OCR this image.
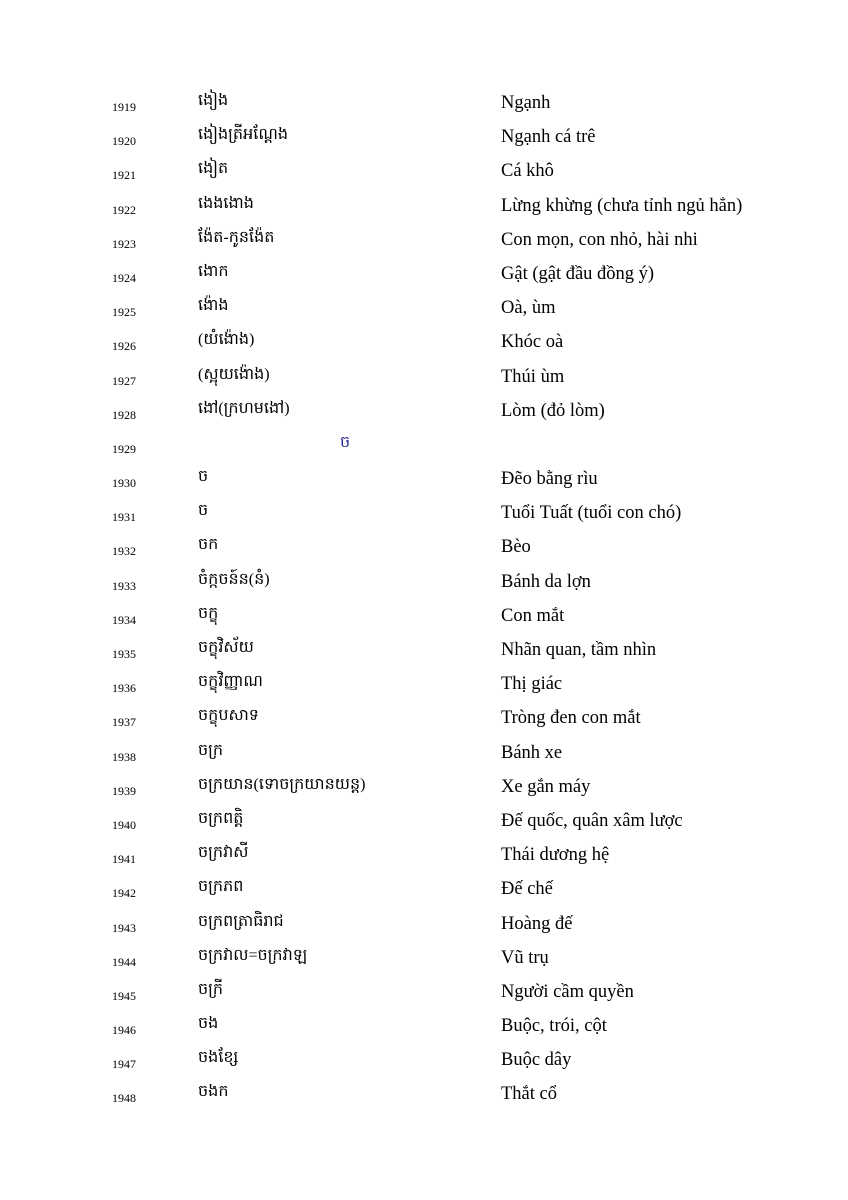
1919	ងៀង	Ngạnh
1920	ងៀងត្រីអណ្ដែង	Ngạnh cá trê
1921	ងៀត	Cá khô
1922	ងេងងោង	Lừng khừng (chưa tỉnh ngủ hẳn)
1923	ង៉ែត-កូនង៉ែត	Con mọn, con nhỏ, hài nhi
1924	ងោក	Gật (gật đầu đồng ý)
1925	ង៉ោង	Oà, ùm
1926	(យំង៉ោង)	Khóc oà
1927	(ស្អុយង៉ោង)	Thúi ùm
1928	ងៅ(ក្រហមងៅ)	Lòm (đỏ lòm)
1929	ច
1930	ច	Đẽo bằng rìu
1931	ច	Tuổi Tuất (tuổi con chó)
1932	ចក	Bèo
1933	ចំក្កចន៍ន(នំ)	Bánh da lợn
1934	ចក្ខុ	Con mắt
1935	ចក្ខុវិស័យ	Nhãn quan, tầm nhìn
1936	ចក្ខុវិញ្ញាណ	Thị giác
1937	ចក្ខុបសាទ	Tròng đen con mắt
1938	ចក្រ	Bánh xe
1939	ចក្រយាន(ទោចក្រយានយន្ត)	Xe gắn máy
1940	ចក្រពត្តិ	Đế quốc, quân xâm lược
1941	ចក្រវាសី	Thái dương hệ
1942	ចក្រភព	Đế chế
1943	ចក្រពត្រាធិរាជ	Hoàng đế
1944	ចក្រវាល=ចក្រវាឡ	Vũ trụ
1945	ចក្រី	Người cầm quyền
1946	ចង	Buộc, trói, cột
1947	ចងខ្សែ	Buộc dây
1948	ចងក	Thắt cổ
